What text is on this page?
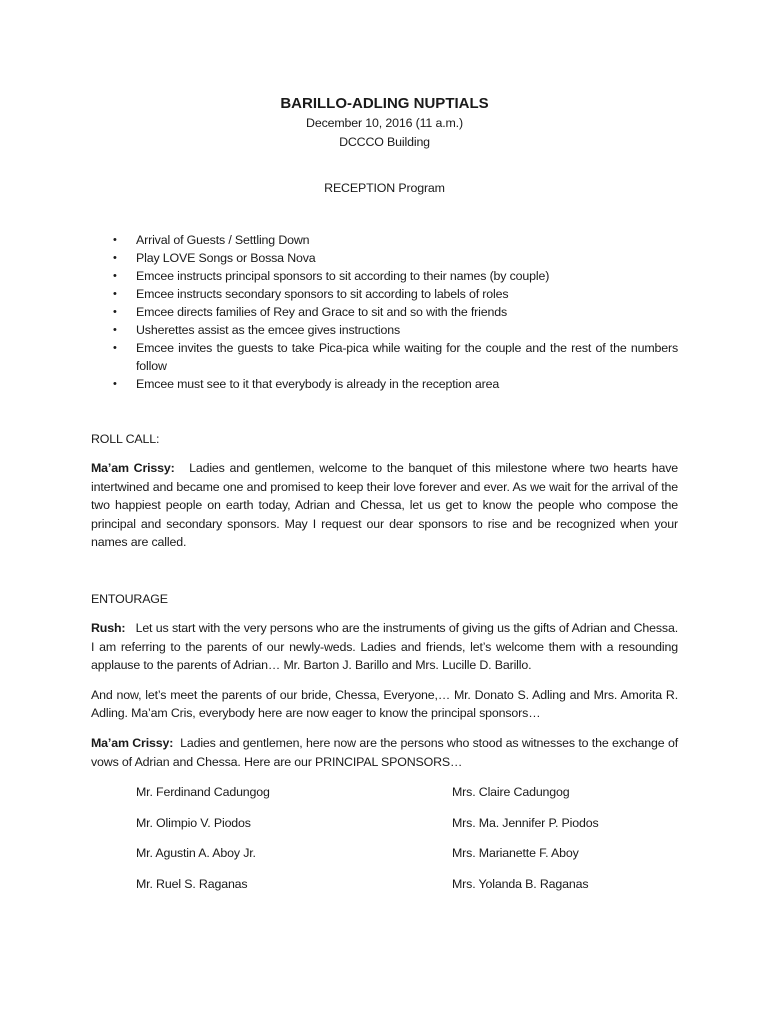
BARILLO-ADLING NUPTIALS
December 10, 2016 (11 a.m.)
DCCCO Building
RECEPTION Program
• Arrival of Guests / Settling Down
• Play LOVE Songs or Bossa Nova
• Emcee instructs principal sponsors to sit according to their names (by couple)
• Emcee instructs secondary sponsors to sit according to labels of roles
• Emcee directs families of Rey and Grace to sit and so with the friends
• Usherettes assist as the emcee gives instructions
• Emcee invites the guests to take Pica-pica while waiting for the couple and the rest of the numbers follow
• Emcee must see to it that everybody is already in the reception area
ROLL CALL:
Ma’am Crissy: Ladies and gentlemen, welcome to the banquet of this milestone where two hearts have intertwined and became one and promised to keep their love forever and ever. As we wait for the arrival of the two happiest people on earth today, Adrian and Chessa, let us get to know the people who compose the principal and secondary sponsors. May I request our dear sponsors to rise and be recognized when your names are called.
ENTOURAGE
Rush: Let us start with the very persons who are the instruments of giving us the gifts of Adrian and Chessa. I am referring to the parents of our newly-weds. Ladies and friends, let’s welcome them with a resounding applause to the parents of Adrian… Mr. Barton J. Barillo and Mrs. Lucille D. Barillo.
And now, let’s meet the parents of our bride, Chessa, Everyone,… Mr. Donato S. Adling and Mrs. Amorita R. Adling. Ma’am Cris, everybody here are now eager to know the principal sponsors…
Ma’am Crissy: Ladies and gentlemen, here now are the persons who stood as witnesses to the exchange of vows of Adrian and Chessa. Here are our PRINCIPAL SPONSORS…
Mr. Ferdinand Cadungog	Mrs. Claire Cadungog
Mr. Olimpio V. Piodos	Mrs. Ma. Jennifer P. Piodos
Mr. Agustin A. Aboy Jr.	Mrs. Marianette F. Aboy
Mr. Ruel S. Raganas	Mrs. Yolanda B. Raganas
